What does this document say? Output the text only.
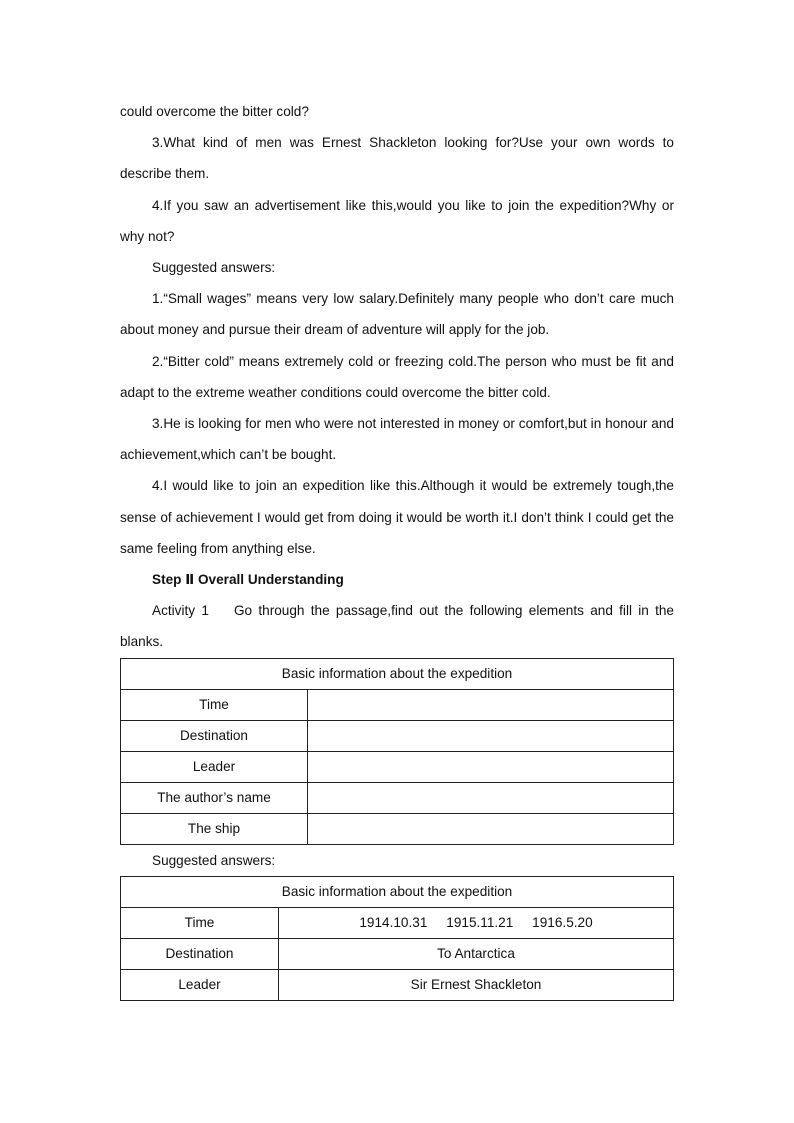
could overcome the bitter cold?

3.What kind of men was Ernest Shackleton looking for?Use your own words to describe them.

4.If you saw an advertisement like this,would you like to join the expedition?Why or why not?

Suggested answers:

1.“Small wages” means very low salary.Definitely many people who don’t care much about money and pursue their dream of adventure will apply for the job.

2.“Bitter cold” means extremely cold or freezing cold.The person who must be fit and adapt to the extreme weather conditions could overcome the bitter cold.

3.He is looking for men who were not interested in money or comfort,but in honour and achievement,which can’t be bought.

4.I would like to join an expedition like this.Although it would be extremely tough,the sense of achievement I would get from doing it would be worth it.I don’t think I could get the same feeling from anything else.

Step Ⅱ Overall Understanding

Activity 1    Go through the passage,find out the following elements and fill in the blanks.

Basic information about the expedition	
Time	
Destination	
Leader	
The author’s name	
The ship	

Suggested answers:

Basic information about the expedition	
Time	1914.10.31     1915.11.21     1916.5.20
Destination	To Antarctica
Leader	Sir Ernest Shackleton
